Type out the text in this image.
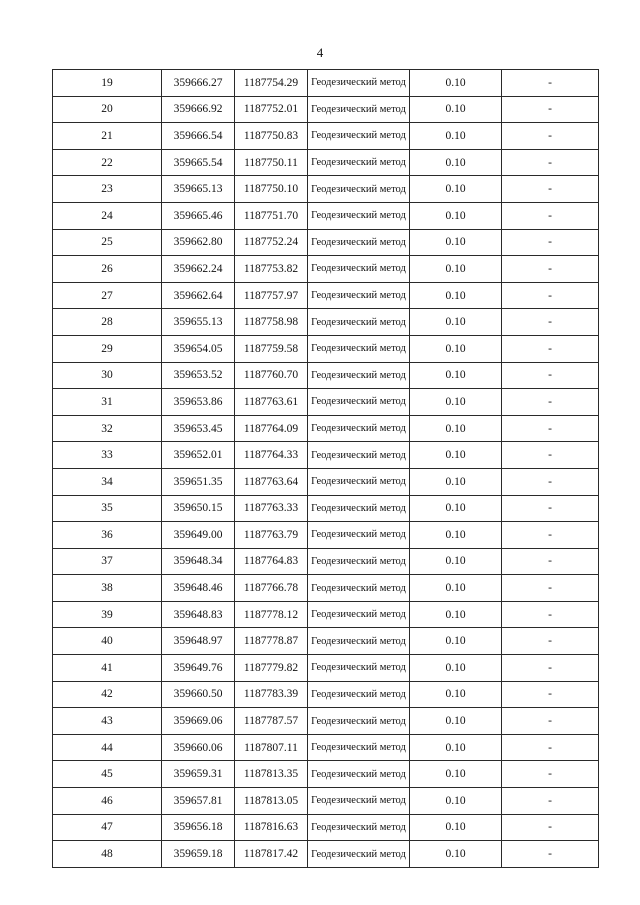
4
19	359666.27	1187754.29	Геодезический метод	0.10	-
20	359666.92	1187752.01	Геодезический метод	0.10	-
21	359666.54	1187750.83	Геодезический метод	0.10	-
22	359665.54	1187750.11	Геодезический метод	0.10	-
23	359665.13	1187750.10	Геодезический метод	0.10	-
24	359665.46	1187751.70	Геодезический метод	0.10	-
25	359662.80	1187752.24	Геодезический метод	0.10	-
26	359662.24	1187753.82	Геодезический метод	0.10	-
27	359662.64	1187757.97	Геодезический метод	0.10	-
28	359655.13	1187758.98	Геодезический метод	0.10	-
29	359654.05	1187759.58	Геодезический метод	0.10	-
30	359653.52	1187760.70	Геодезический метод	0.10	-
31	359653.86	1187763.61	Геодезический метод	0.10	-
32	359653.45	1187764.09	Геодезический метод	0.10	-
33	359652.01	1187764.33	Геодезический метод	0.10	-
34	359651.35	1187763.64	Геодезический метод	0.10	-
35	359650.15	1187763.33	Геодезический метод	0.10	-
36	359649.00	1187763.79	Геодезический метод	0.10	-
37	359648.34	1187764.83	Геодезический метод	0.10	-
38	359648.46	1187766.78	Геодезический метод	0.10	-
39	359648.83	1187778.12	Геодезический метод	0.10	-
40	359648.97	1187778.87	Геодезический метод	0.10	-
41	359649.76	1187779.82	Геодезический метод	0.10	-
42	359660.50	1187783.39	Геодезический метод	0.10	-
43	359669.06	1187787.57	Геодезический метод	0.10	-
44	359660.06	1187807.11	Геодезический метод	0.10	-
45	359659.31	1187813.35	Геодезический метод	0.10	-
46	359657.81	1187813.05	Геодезический метод	0.10	-
47	359656.18	1187816.63	Геодезический метод	0.10	-
48	359659.18	1187817.42	Геодезический метод	0.10	-
